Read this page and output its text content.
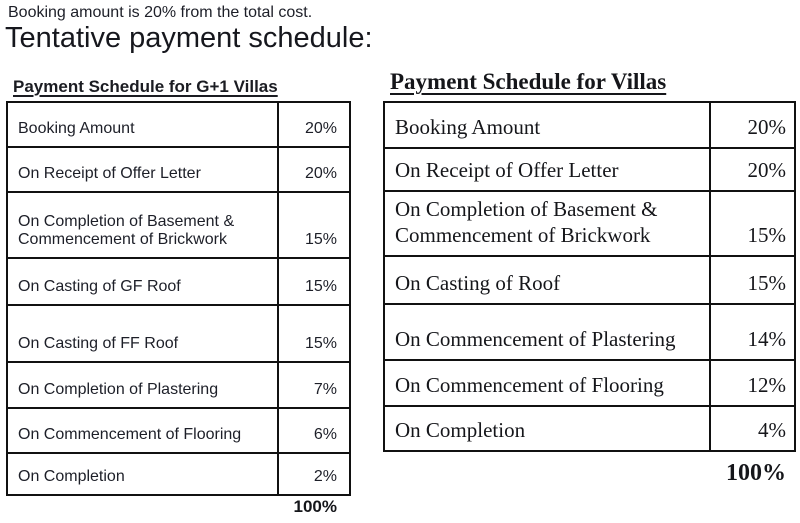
Booking amount is 20% from the total cost.
Tentative payment schedule:
Payment Schedule for G+1 Villas	Payment Schedule for Villas
Booking Amount	20%
On Receipt of Offer Letter	20%
On Completion of Basement & Commencement of Brickwork	15%
On Casting of GF Roof	15%
On Casting of FF Roof	15%
On Completion of Plastering	7%
On Commencement of Flooring	6%
On Completion	2%
Booking Amount	20%
On Receipt of Offer Letter	20%
On Completion of Basement & Commencement of Brickwork	15%
On Casting of Roof	15%
On Commencement of Plastering	14%
On Commencement of Flooring	12%
On Completion	4%
100%
100%
